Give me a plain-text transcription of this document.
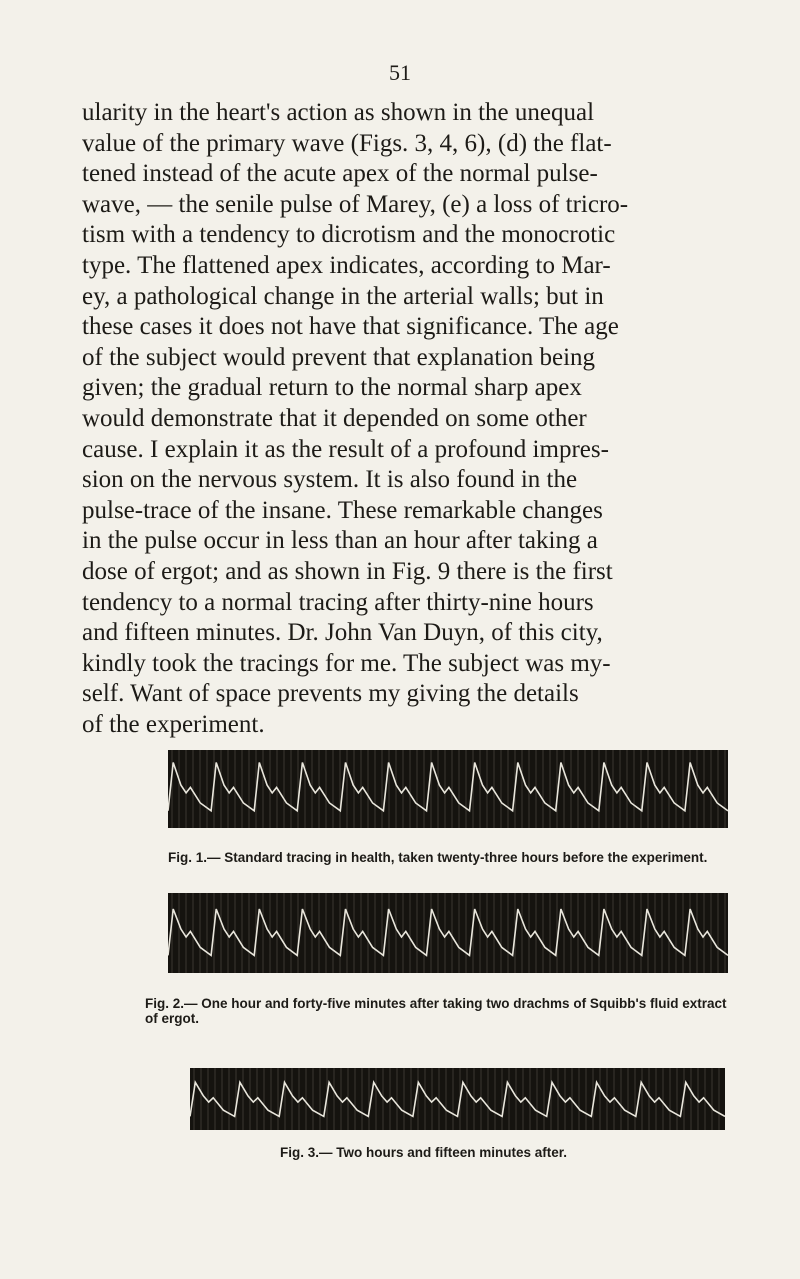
51
ularity in the heart's action as shown in the unequal
value of the primary wave (Figs. 3, 4, 6), (d) the flat-
tened instead of the acute apex of the normal pulse-
wave, — the senile pulse of Marey, (e) a loss of tricro-
tism with a tendency to dicrotism and the monocrotic
type. The flattened apex indicates, according to Mar-
ey, a pathological change in the arterial walls; but in
these cases it does not have that significance. The age
of the subject would prevent that explanation being
given; the gradual return to the normal sharp apex
would demonstrate that it depended on some other
cause. I explain it as the result of a profound impres-
sion on the nervous system. It is also found in the
pulse-trace of the insane. These remarkable changes
in the pulse occur in less than an hour after taking a
dose of ergot; and as shown in Fig. 9 there is the first
tendency to a normal tracing after thirty-nine hours
and fifteen minutes. Dr. John Van Duyn, of this city,
kindly took the tracings for me. The subject was my-
self. Want of space prevents my giving the details
of the experiment.
Fig. 1.— Standard tracing in health, taken twenty-three hours before the experiment.
Fig. 2.— One hour and forty-five minutes after taking two drachms of Squibb's fluid extract
of ergot.
Fig. 3.— Two hours and fifteen minutes after.
